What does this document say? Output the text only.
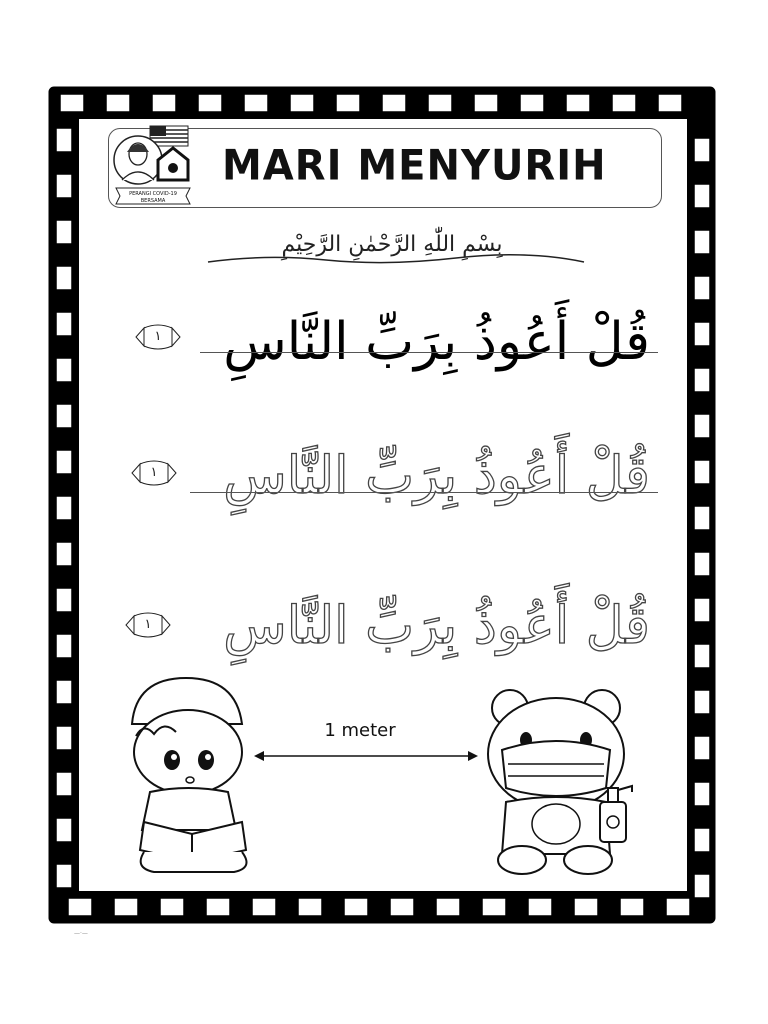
PERANGI COVID-19
BERSAMA
MARI MENYURIH
بِسْمِ اللّٰهِ الرَّحْمٰنِ الرَّحِيْمِ
١	قُلْ أَعُوذُ بِرَبِّ النَّاسِ
١	قُلْ أَعُوذُ بِرَبِّ النَّاسِ
١	قُلْ أَعُوذُ بِرَبِّ النَّاسِ
1 meter
—·—
